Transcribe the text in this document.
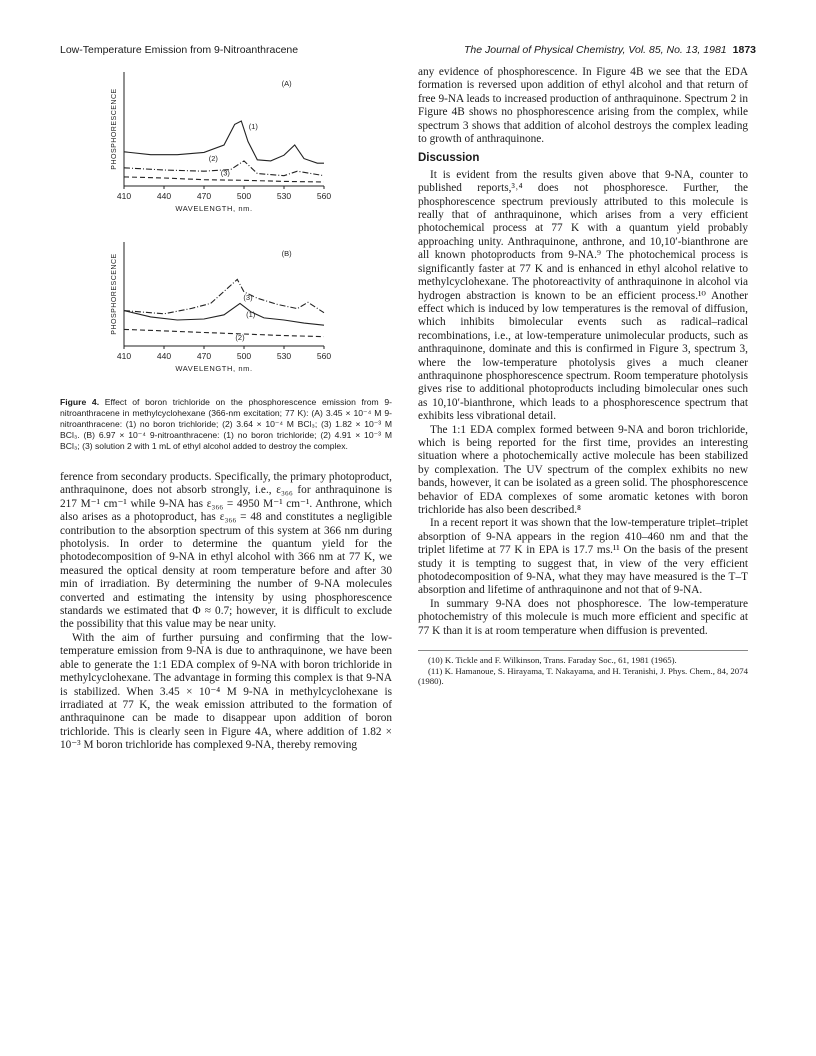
Low-Temperature Emission from 9-Nitroanthracene	The Journal of Physical Chemistry, Vol. 85, No. 13, 1981 1873
410	440	470	500	530	560
WAVELENGTH, nm.
PHOSPHORESCENCE
(A)
(1)
(2)
(3)
410	440	470	500	530	560
WAVELENGTH, nm.
PHOSPHORESCENCE	(B)
(1)
(2)
(3)
Figure 4. Effect of boron trichloride on the phosphorescence emission from 9-nitroanthracene in methylcyclohexane (366-nm excitation; 77 K): (A) 3.45 × 10⁻⁴ M 9-nitroanthracene: (1) no boron trichloride; (2) 3.64 × 10⁻⁴ M BCl₃; (3) 1.82 × 10⁻³ M BCl₃. (B) 6.97 × 10⁻⁴ 9-nitroanthracene: (1) no boron trichloride; (2) 4.91 × 10⁻³ M BCl₃; (3) solution 2 with 1 mL of ethyl alcohol added to destroy the complex.

ference from secondary products. Specifically, the primary photoproduct, anthraquinone, does not absorb strongly, i.e., ε₃₆₆ for anthraquinone is 217 M⁻¹ cm⁻¹ while 9-NA has ε₃₆₆ = 4950 M⁻¹ cm⁻¹. Anthrone, which also arises as a photoproduct, has ε₃₆₆ = 48 and constitutes a negligible contribution to the absorption spectrum of this system at 366 nm during photolysis. In order to determine the quantum yield for the photodecomposition of 9-NA in ethyl alcohol with 366 nm at 77 K, we measured the optical density at room temperature before and after 30 min of irradiation. By determining the number of 9-NA molecules converted and estimating the intensity by using phosphorescence standards we estimated that Φ ≈ 0.7; however, it is difficult to exclude the possibility that this value may be near unity.

With the aim of further pursuing and confirming that the low-temperature emission from 9-NA is due to anthraquinone, we have been able to generate the 1:1 EDA complex of 9-NA with boron trichloride in methylcyclohexane. The advantage in forming this complex is that 9-NA is stabilized. When 3.45 × 10⁻⁴ M 9-NA in methylcyclohexane is irradiated at 77 K, the weak emission attributed to the formation of anthraquinone can be made to disappear upon addition of boron trichloride. This is clearly seen in Figure 4A, where addition of 1.82 × 10⁻³ M boron trichloride has complexed 9-NA, thereby removing

any evidence of phosphorescence. In Figure 4B we see that the EDA formation is reversed upon addition of ethyl alcohol and that return of free 9-NA leads to increased production of anthraquinone. Spectrum 2 in Figure 4B shows no phosphorescence arising from the complex, while spectrum 3 shows that addition of alcohol destroys the complex leading to growth of anthraquinone.

Discussion

It is evident from the results given above that 9-NA, counter to published reports,³˒⁴ does not phosphoresce. Further, the phosphorescence spectrum previously attributed to this molecule is really that of anthraquinone, which arises from a very efficient photochemical process at 77 K with a quantum yield probably approaching unity. Anthraquinone, anthrone, and 10,10′-bianthrone are all known photoproducts from 9-NA.⁹ The photochemical process is significantly faster at 77 K and is enhanced in ethyl alcohol relative to methylcyclohexane. The photoreactivity of anthraquinone in alcohol via hydrogen abstraction is known to be an efficient process.¹⁰ Another effect which is induced by low temperatures is the removal of diffusion, which inhibits bimolecular events such as radical–radical recombinations, i.e., at low-temperature unimolecular products, such as anthraquinone, dominate and this is confirmed in Figure 3, spectrum 3, where the low-temperature photolysis gives a much cleaner anthraquinone phosphorescence spectrum. Room temperature photolysis gives rise to additional photoproducts including bimolecular ones such as 10,10′-bianthrone, which leads to a phosphorescence spectrum that exhibits less vibrational detail.

The 1:1 EDA complex formed between 9-NA and boron trichloride, which is being reported for the first time, provides an interesting situation where a photochemically active molecule has been stabilized by complexation. The UV spectrum of the complex exhibits no new bands, however, it can be isolated as a green solid. The phosphorescence behavior of EDA complexes of some aromatic ketones with boron trichloride has also been described.⁸

In a recent report it was shown that the low-temperature triplet–triplet absorption of 9-NA appears in the region 410–460 nm and that the triplet lifetime at 77 K in EPA is 17.7 ms.¹¹ On the basis of the present study it is tempting to suggest that, in view of the very efficient photodecomposition of 9-NA, what they may have measured is the T–T absorption and lifetime of anthraquinone and not that of 9-NA.

In summary 9-NA does not phosphoresce. The low-temperature photochemistry of this molecule is much more efficient and specific at 77 K than it is at room temperature when diffusion is prevented.

(10) K. Tickle and F. Wilkinson, Trans. Faraday Soc., 61, 1981 (1965).

(11) K. Hamanoue, S. Hirayama, T. Nakayama, and H. Teranishi, J. Phys. Chem., 84, 2074 (1980).
